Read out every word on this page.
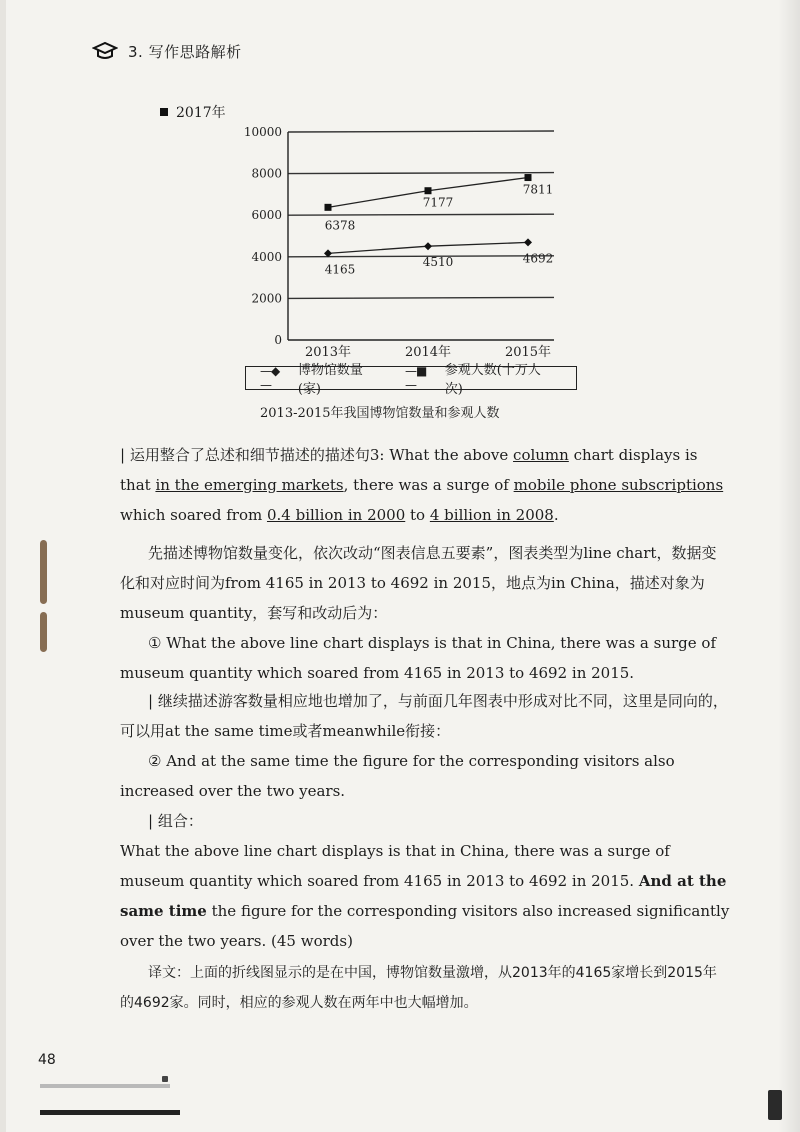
3. 写作思路解析
2017年
10000
8000
6000
4000
2000
0
2013年	2014年	2015年
4165
4510	4692
6378
7177
7811
—◆—
博物馆数量(家)
—■—
参观人数(十万人次)
2013-2015年我国博物馆数量和参观人数
| 运用整合了总述和细节描述的描述句3: What the above column chart displays is that in the emerging markets, there was a surge of mobile phone subscriptions which soared from 0.4 billion in 2000 to 4 billion in 2008.
先描述博物馆数量变化，依次改动“图表信息五要素”，图表类型为line chart，数据变化和对应时间为from 4165 in 2013 to 4692 in 2015，地点为in China，描述对象为museum quantity，套写和改动后为：
① What the above line chart displays is that in China, there was a surge of museum quantity which soared from 4165 in 2013 to 4692 in 2015.
| 继续描述游客数量相应地也增加了，与前面几年图表中形成对比不同，这里是同向的，可以用at the same time或者meanwhile衔接：
② And at the same time the figure for the corresponding visitors also increased over the two years.
| 组合：
What the above line chart displays is that in China, there was a surge of museum quantity which soared from 4165 in 2013 to 4692 in 2015. And at the same time the figure for the corresponding visitors also increased significantly over the two years. (45 words)
译文：上面的折线图显示的是在中国，博物馆数量激增，从2013年的4165家增长到2015年的4692家。同时，相应的参观人数在两年中也大幅增加。
48
